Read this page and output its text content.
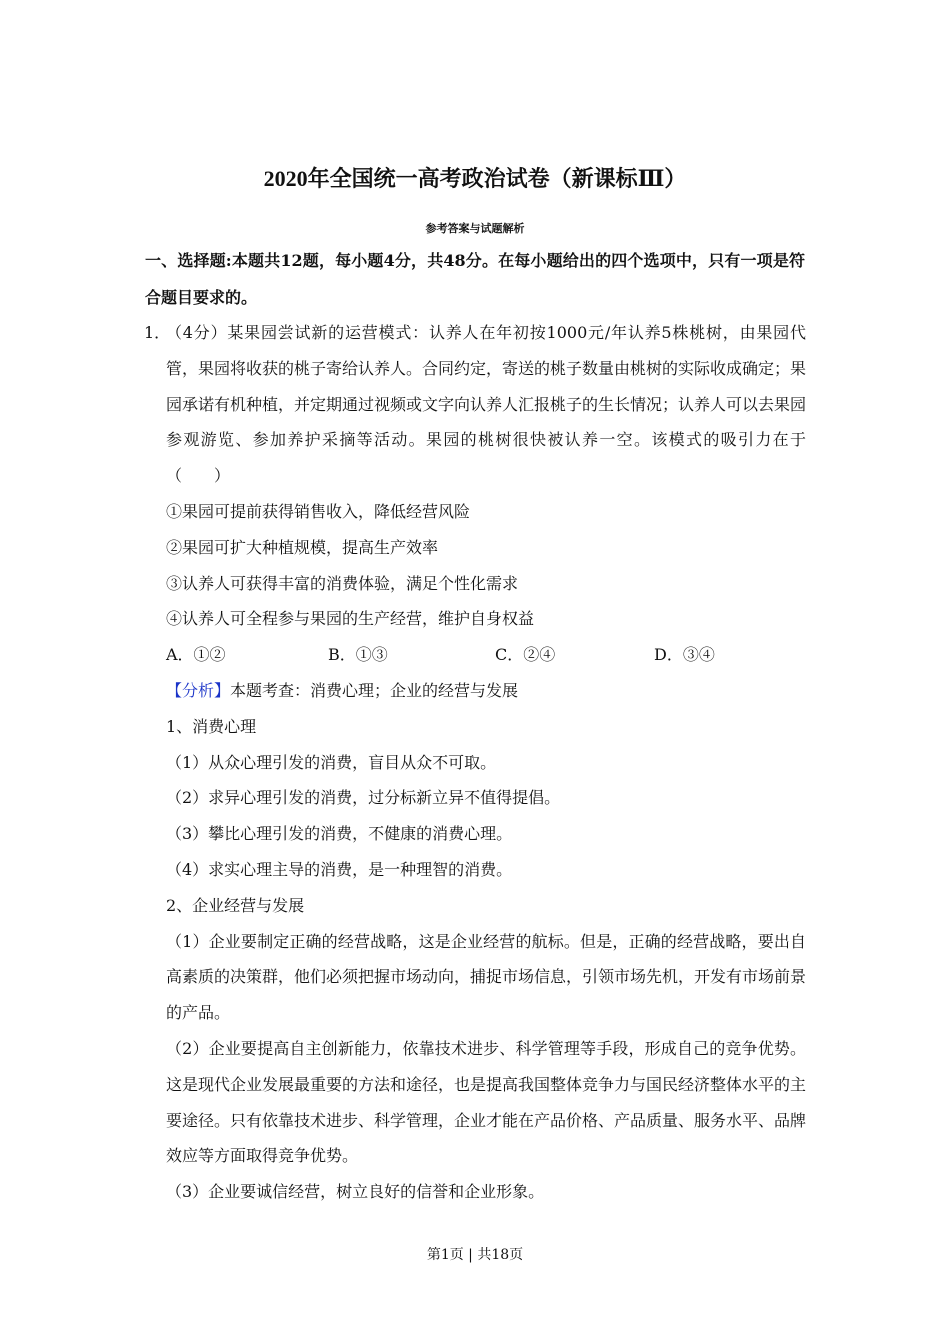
2020年全国统一高考政治试卷（新课标Ⅲ）
参考答案与试题解析
一、选择题:本题共12题，每小题4分，共48分。在每小题给出的四个选项中，只有一项是符合题目要求的。

1．
（4分）某果园尝试新的运营模式：认养人在年初按1000元/年认养5株桃树，由果园代管，果园将收获的桃子寄给认养人。合同约定，寄送的桃子数量由桃树的实际收成确定；果园承诺有机种植，并定期通过视频或文字向认养人汇报桃子的生长情况；认养人可以去果园参观游览、参加养护采摘等活动。果园的桃树很快被认养一空。该模式的吸引力在于（　　）

①果园可提前获得销售收入，降低经营风险

②果园可扩大种植规模，提高生产效率

③认养人可获得丰富的消费体验，满足个性化需求

④认养人可全程参与果园的生产经营，维护自身权益

A．①②	B．①③	C．②④	D．③④

【分析】本题考查：消费心理；企业的经营与发展

1、消费心理

（1）从众心理引发的消费，盲目从众不可取。

（2）求异心理引发的消费，过分标新立异不值得提倡。

（3）攀比心理引发的消费，不健康的消费心理。

（4）求实心理主导的消费，是一种理智的消费。

2、企业经营与发展

（1）企业要制定正确的经营战略，这是企业经营的航标。但是，正确的经营战略，要出自高素质的决策群，他们必须把握市场动向，捕捉市场信息，引领市场先机，开发有市场前景的产品。

（2）企业要提高自主创新能力，依靠技术进步、科学管理等手段，形成自己的竞争优势。这是现代企业发展最重要的方法和途径，也是提高我国整体竞争力与国民经济整体水平的主要途径。只有依靠技术进步、科学管理，企业才能在产品价格、产品质量、服务水平、品牌效应等方面取得竞争优势。

（3）企业要诚信经营，树立良好的信誉和企业形象。

第1页 | 共18页
